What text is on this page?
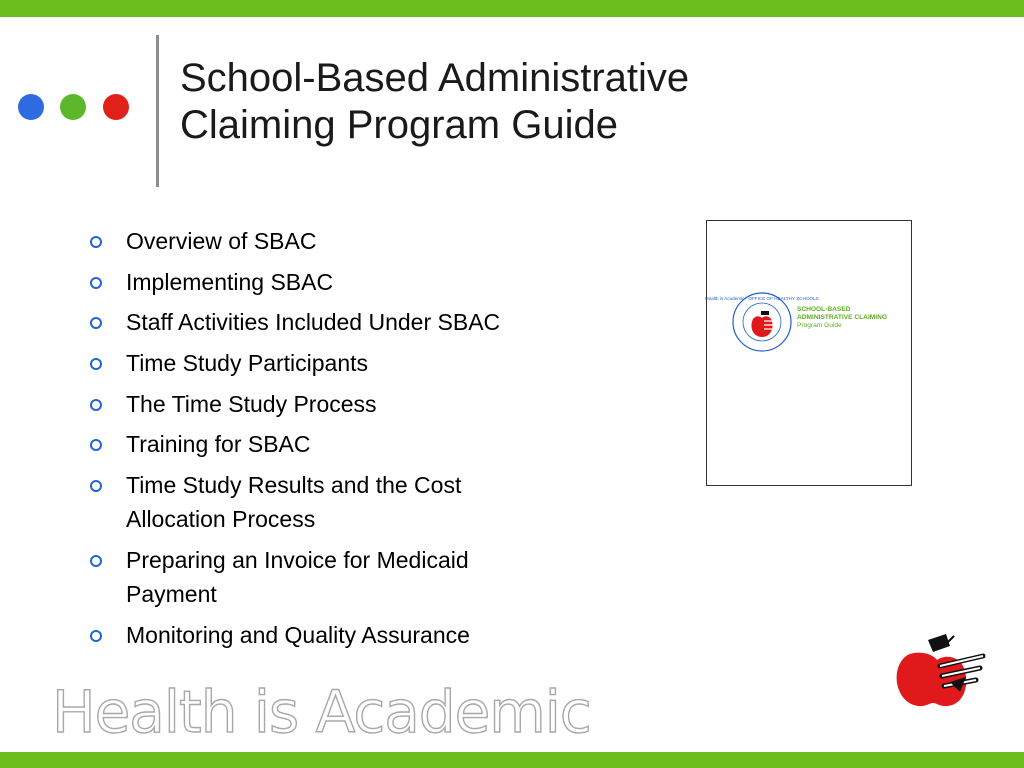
School-Based Administrative
Claiming Program Guide
Overview of SBAC
Implementing SBAC
Staff Activities Included Under SBAC
Time Study Participants
The Time Study Process
Training for SBAC
Time Study Results and the Cost
Allocation Process
Preparing an Invoice for Medicaid
Payment
Monitoring and Quality Assurance
Health is Academic · OFFICE OF HEALTHY SCHOOLS
SCHOOL-BASED
ADMINISTRATIVE CLAIMING
Program Guide
Health is Academic
